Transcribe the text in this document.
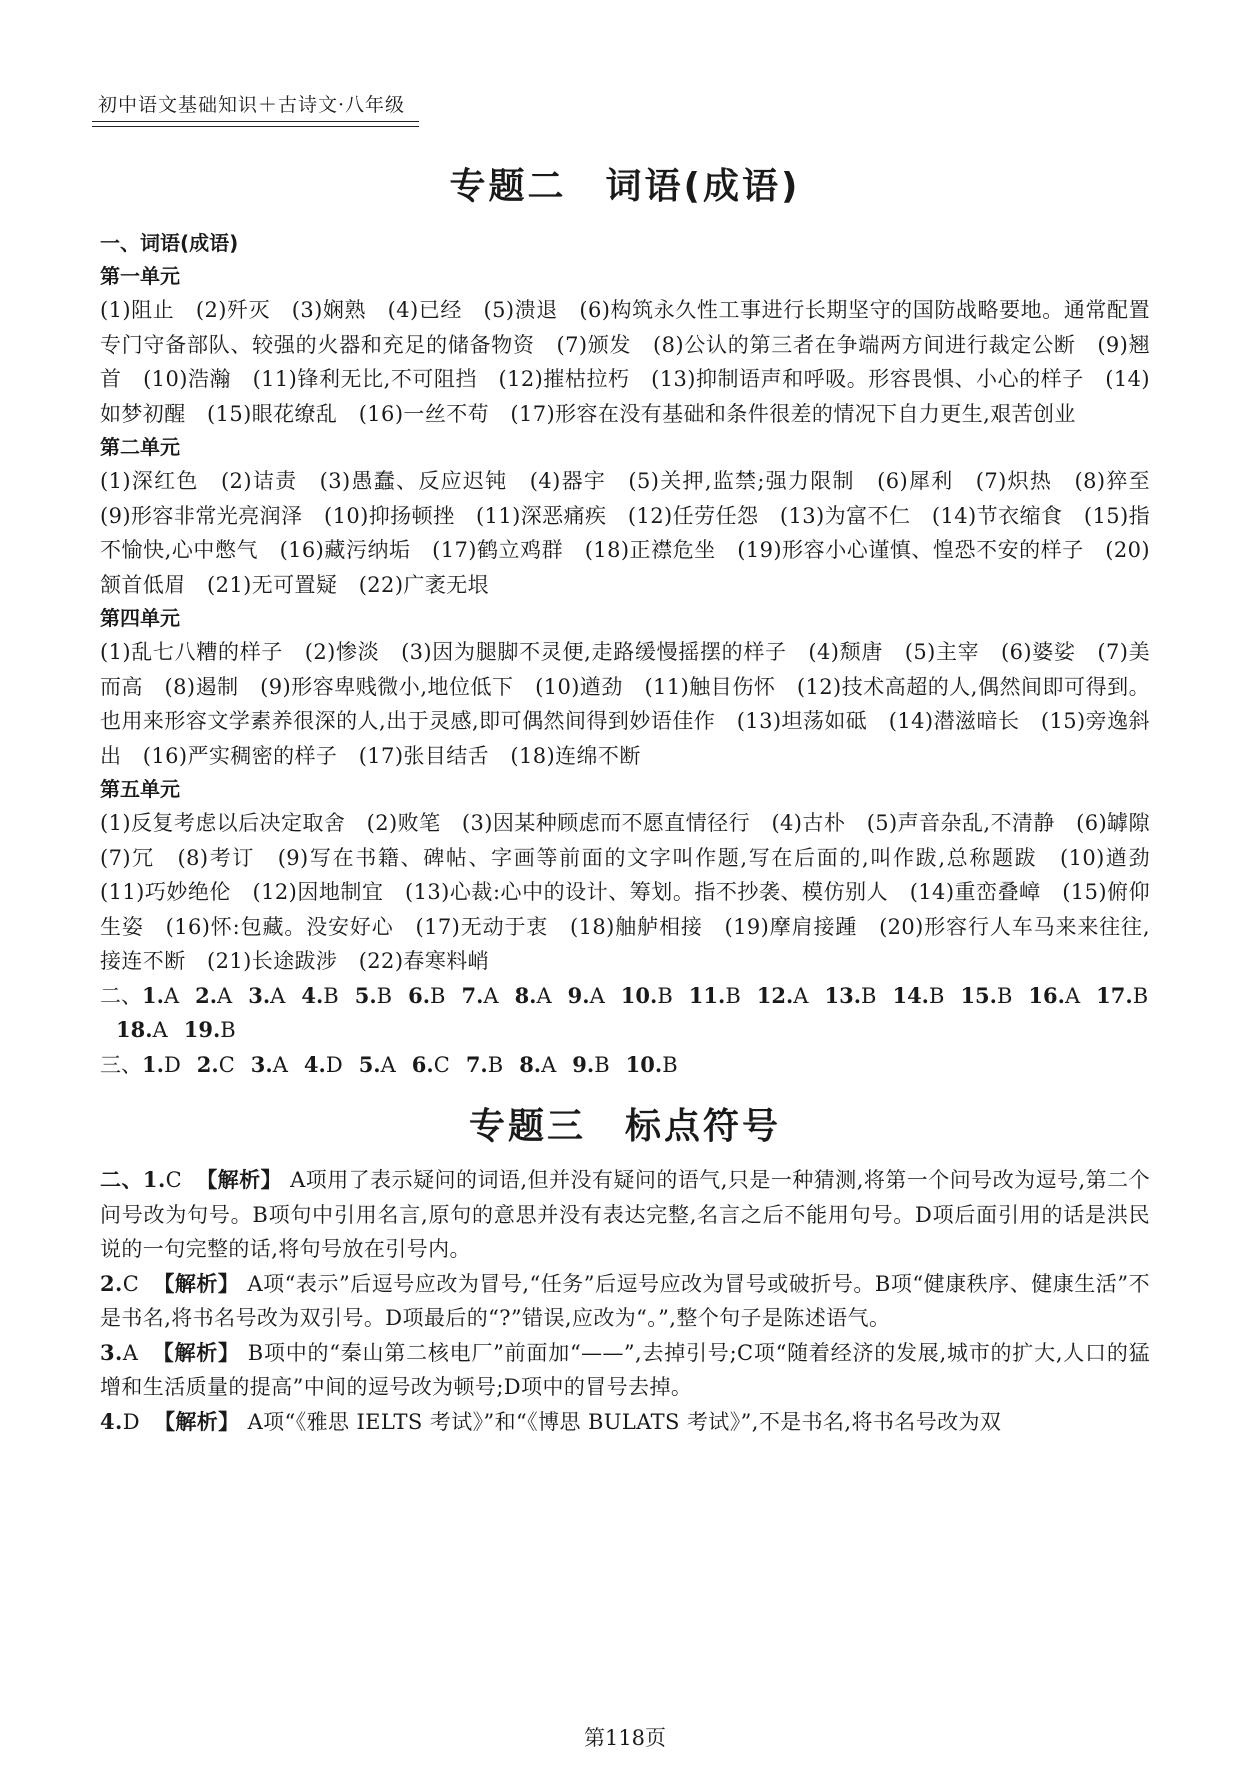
初中语文基础知识＋古诗文·八年级
专题二　词语(成语)
一、词语(成语)
第一单元
(1)阻止　(2)歼灭　(3)娴熟　(4)已经　(5)溃退　(6)构筑永久性工事进行长期坚守的国防战略要地。通常配置专门守备部队、较强的火器和充足的储备物资　(7)颁发　(8)公认的第三者在争端两方间进行裁定公断　(9)翘首　(10)浩瀚　(11)锋利无比,不可阻挡　(12)摧枯拉朽　(13)抑制语声和呼吸。形容畏惧、小心的样子　(14)如梦初醒　(15)眼花缭乱　(16)一丝不苟　(17)形容在没有基础和条件很差的情况下自力更生,艰苦创业
第二单元
(1)深红色　(2)诘责　(3)愚蠢、反应迟钝　(4)器宇　(5)关押,监禁;强力限制　(6)犀利　(7)炽热　(8)猝至　(9)形容非常光亮润泽　(10)抑扬顿挫　(11)深恶痛疾　(12)任劳任怨　(13)为富不仁　(14)节衣缩食　(15)指不愉快,心中憋气　(16)藏污纳垢　(17)鹤立鸡群　(18)正襟危坐　(19)形容小心谨慎、惶恐不安的样子　(20)颔首低眉　(21)无可置疑　(22)广袤无垠
第四单元
(1)乱七八糟的样子　(2)惨淡　(3)因为腿脚不灵便,走路缓慢摇摆的样子　(4)颓唐　(5)主宰　(6)婆娑　(7)美而高　(8)遏制　(9)形容卑贱微小,地位低下　(10)遒劲　(11)触目伤怀　(12)技术高超的人,偶然间即可得到。也用来形容文学素养很深的人,出于灵感,即可偶然间得到妙语佳作　(13)坦荡如砥　(14)潜滋暗长　(15)旁逸斜出　(16)严实稠密的样子　(17)张目结舌　(18)连绵不断
第五单元
(1)反复考虑以后决定取舍　(2)败笔　(3)因某种顾虑而不愿直情径行　(4)古朴　(5)声音杂乱,不清静　(6)罅隙　(7)冗　(8)考订　(9)写在书籍、碑帖、字画等前面的文字叫作题,写在后面的,叫作跋,总称题跋　(10)遒劲　(11)巧妙绝伦　(12)因地制宜　(13)心裁:心中的设计、筹划。指不抄袭、模仿别人　(14)重峦叠嶂　(15)俯仰生姿　(16)怀:包藏。没安好心　(17)无动于衷　(18)舳舻相接　(19)摩肩接踵　(20)形容行人车马来来往往,接连不断　(21)长途跋涉　(22)春寒料峭
二、1.A 2.A 3.A 4.B 5.B 6.B 7.A 8.A 9.A 10.B 11.B 12.A 13.B 14.B 15.B 16.A 17.B18.A 19.B
三、1.D 2.C 3.A 4.D 5.A 6.C 7.B 8.A 9.B 10.B
专题三　标点符号
二、1.C 【解析】 A项用了表示疑问的词语,但并没有疑问的语气,只是一种猜测,将第一个问号改为逗号,第二个问号改为句号。B项句中引用名言,原句的意思并没有表达完整,名言之后不能用句号。D项后面引用的话是洪民说的一句完整的话,将句号放在引号内。
2.C 【解析】 A项“表示”后逗号应改为冒号,“任务”后逗号应改为冒号或破折号。B项“健康秩序、健康生活”不是书名,将书名号改为双引号。D项最后的“?”错误,应改为“。”,整个句子是陈述语气。
3.A 【解析】 B项中的“秦山第二核电厂”前面加“——”,去掉引号;C项“随着经济的发展,城市的扩大,人口的猛增和生活质量的提高”中间的逗号改为顿号;D项中的冒号去掉。
4.D 【解析】 A项“《雅思 IELTS 考试》”和“《博思 BULATS 考试》”,不是书名,将书名号改为双
第118页
